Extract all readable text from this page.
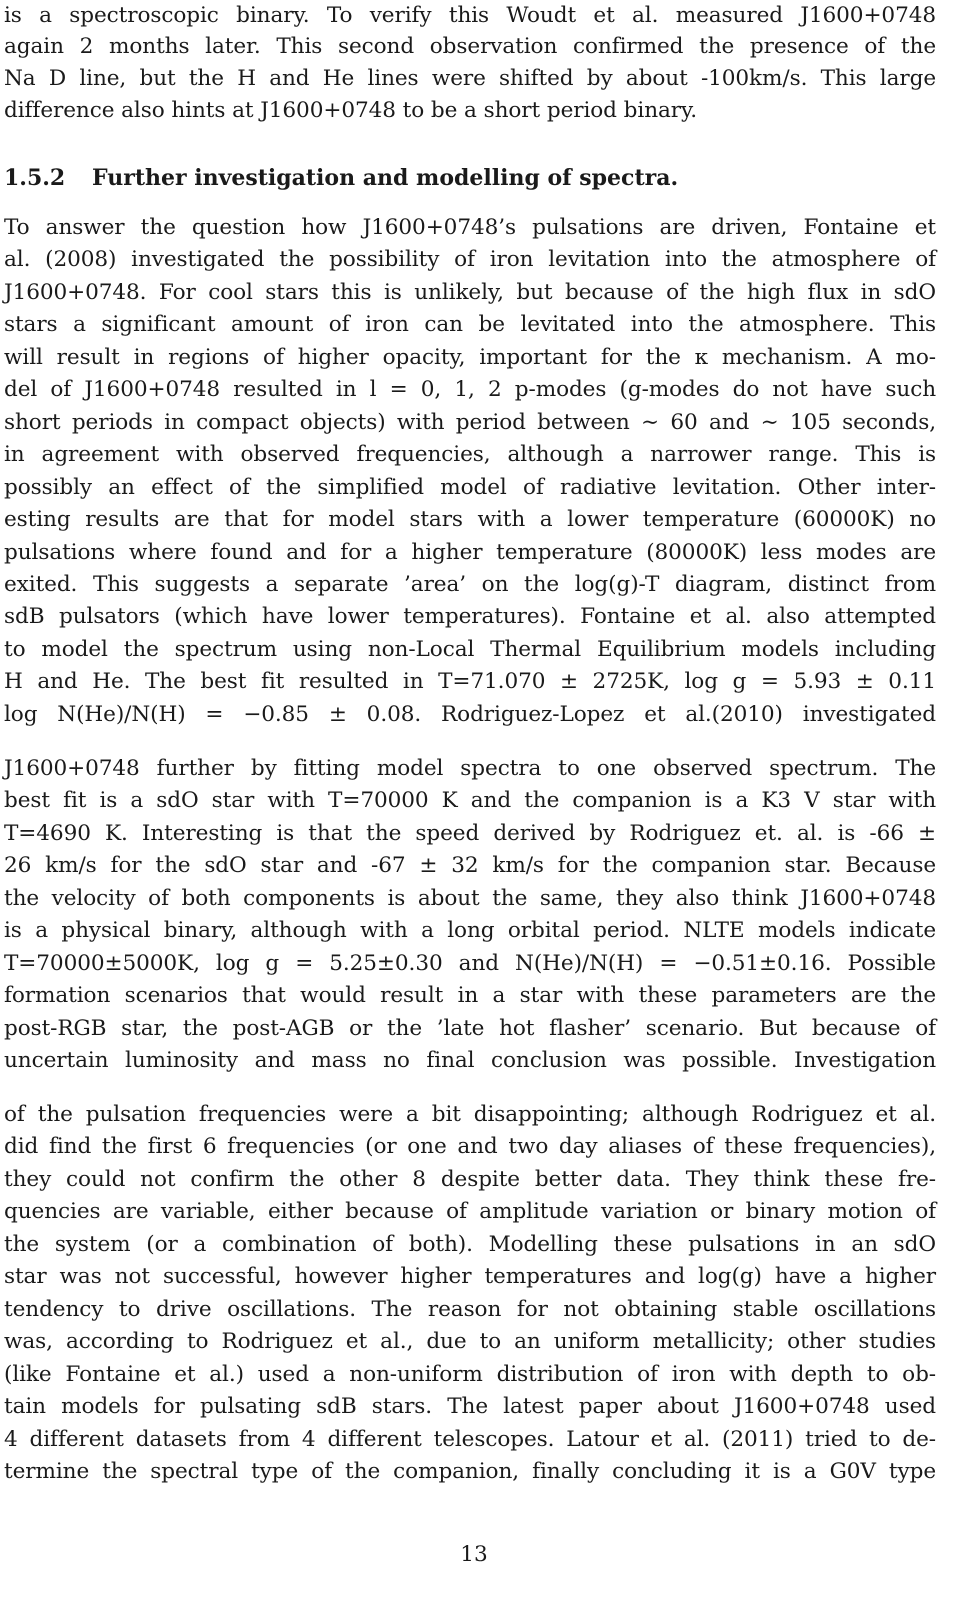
is a spectroscopic binary. To verify this Woudt et al. measured J1600+0748
again 2 months later. This second observation confirmed the presence of the
Na D line, but the H and He lines were shifted by about -100km/s. This large
difference also hints at J1600+0748 to be a short period binary.
1.5.2 Further investigation and modelling of spectra.
To answer the question how J1600+0748’s pulsations are driven, Fontaine et
al. (2008) investigated the possibility of iron levitation into the atmosphere of
J1600+0748. For cool stars this is unlikely, but because of the high flux in sdO
stars a significant amount of iron can be levitated into the atmosphere. This
will result in regions of higher opacity, important for the κ mechanism. A mo-
del of J1600+0748 resulted in l = 0, 1, 2 p-modes (g-modes do not have such
short periods in compact objects) with period between ∼ 60 and ∼ 105 seconds,
in agreement with observed frequencies, although a narrower range. This is
possibly an effect of the simplified model of radiative levitation. Other inter-
esting results are that for model stars with a lower temperature (60000K) no
pulsations where found and for a higher temperature (80000K) less modes are
exited. This suggests a separate ’area’ on the log(g)-T diagram, distinct from
sdB pulsators (which have lower temperatures). Fontaine et al. also attempted
to model the spectrum using non-Local Thermal Equilibrium models including
H and He. The best fit resulted in T=71.070 ± 2725K, log g = 5.93 ± 0.11
log N(He)/N(H) = −0.85 ± 0.08. Rodriguez-Lopez et al.(2010) investigated
J1600+0748 further by fitting model spectra to one observed spectrum. The
best fit is a sdO star with T=70000 K and the companion is a K3 V star with
T=4690 K. Interesting is that the speed derived by Rodriguez et. al. is -66 ±
26 km/s for the sdO star and -67 ± 32 km/s for the companion star. Because
the velocity of both components is about the same, they also think J1600+0748
is a physical binary, although with a long orbital period. NLTE models indicate
T=70000±5000K, log g = 5.25±0.30 and N(He)/N(H) = −0.51±0.16. Possible
formation scenarios that would result in a star with these parameters are the
post-RGB star, the post-AGB or the ’late hot flasher’ scenario. But because of
uncertain luminosity and mass no final conclusion was possible. Investigation
of the pulsation frequencies were a bit disappointing; although Rodriguez et al.
did find the first 6 frequencies (or one and two day aliases of these frequencies),
they could not confirm the other 8 despite better data. They think these fre-
quencies are variable, either because of amplitude variation or binary motion of
the system (or a combination of both). Modelling these pulsations in an sdO
star was not successful, however higher temperatures and log(g) have a higher
tendency to drive oscillations. The reason for not obtaining stable oscillations
was, according to Rodriguez et al., due to an uniform metallicity; other studies
(like Fontaine et al.) used a non-uniform distribution of iron with depth to ob-
tain models for pulsating sdB stars. The latest paper about J1600+0748 used
4 different datasets from 4 different telescopes. Latour et al. (2011) tried to de-
termine the spectral type of the companion, finally concluding it is a G0V type
13
